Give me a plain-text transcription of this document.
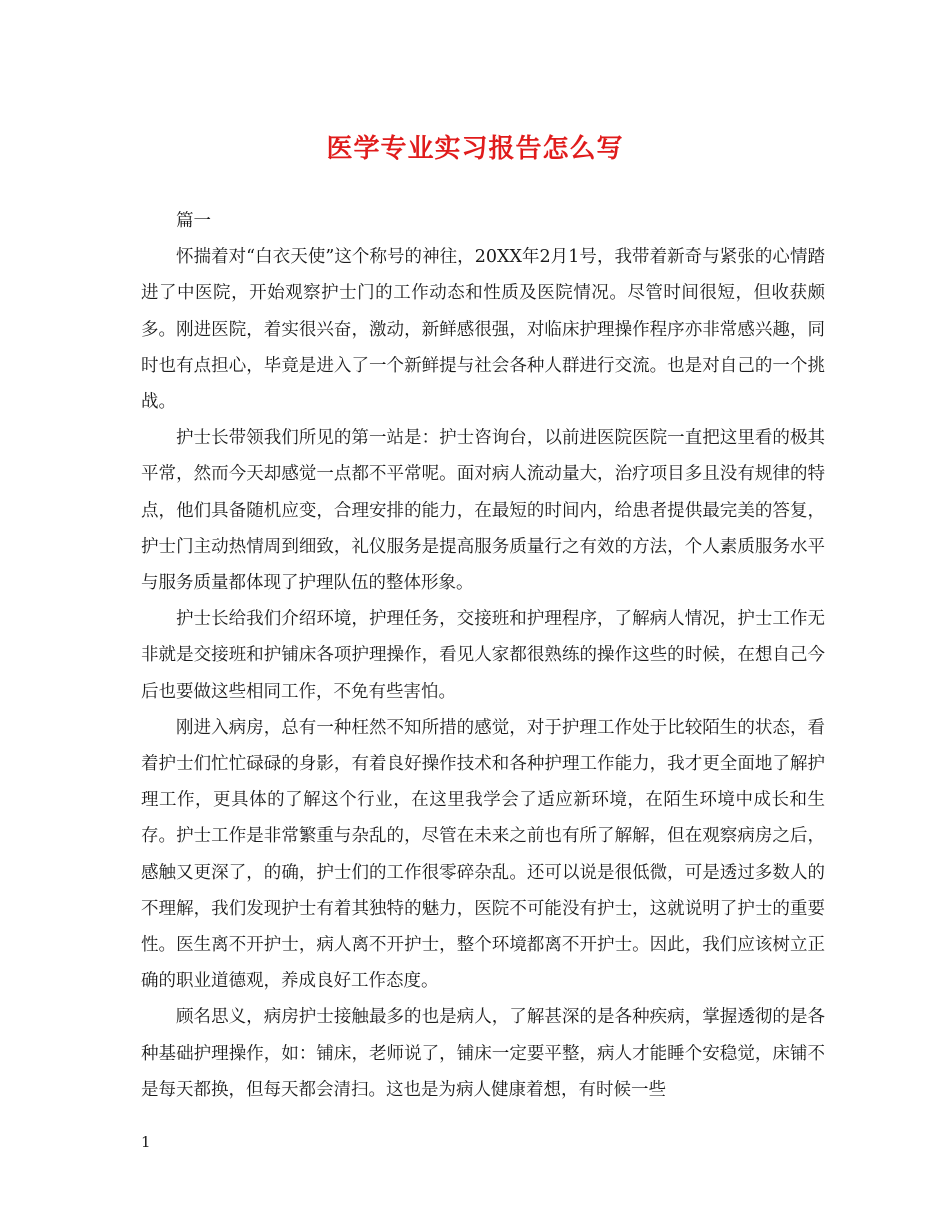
医学专业实习报告怎么写

篇一

怀揣着对“白衣天使”这个称号的神往，20XX年2月1号，我带着新奇与紧张的心情踏进了中医院，开始观察护士门的工作动态和性质及医院情况。尽管时间很短，但收获颇多。刚进医院，着实很兴奋，激动，新鲜感很强，对临床护理操作程序亦非常感兴趣，同时也有点担心，毕竟是进入了一个新鲜提与社会各种人群进行交流。也是对自己的一个挑战。

护士长带领我们所见的第一站是：护士咨询台，以前进医院医院一直把这里看的极其平常，然而今天却感觉一点都不平常呢。面对病人流动量大，治疗项目多且没有规律的特点，他们具备随机应变，合理安排的能力，在最短的时间内，给患者提供最完美的答复，护士门主动热情周到细致，礼仪服务是提高服务质量行之有效的方法，个人素质服务水平与服务质量都体现了护理队伍的整体形象。

护士长给我们介绍环境，护理任务，交接班和护理程序，了解病人情况，护士工作无非就是交接班和护铺床各项护理操作，看见人家都很熟练的操作这些的时候，在想自己今后也要做这些相同工作，不免有些害怕。

刚进入病房，总有一种枉然不知所措的感觉，对于护理工作处于比较陌生的状态，看着护士们忙忙碌碌的身影，有着良好操作技术和各种护理工作能力，我才更全面地了解护理工作，更具体的了解这个行业，在这里我学会了适应新环境，在陌生环境中成长和生存。护士工作是非常繁重与杂乱的，尽管在未来之前也有所了解解，但在观察病房之后，感触又更深了，的确，护士们的工作很零碎杂乱。还可以说是很低微，可是透过多数人的不理解，我们发现护士有着其独特的魅力，医院不可能没有护士，这就说明了护士的重要性。医生离不开护士，病人离不开护士，整个环境都离不开护士。因此，我们应该树立正确的职业道德观，养成良好工作态度。

顾名思义，病房护士接触最多的也是病人，了解甚深的是各种疾病，掌握透彻的是各种基础护理操作，如：铺床，老师说了，铺床一定要平整，病人才能睡个安稳觉，床铺不是每天都换，但每天都会清扫。这也是为病人健康着想，有时候一些

1
